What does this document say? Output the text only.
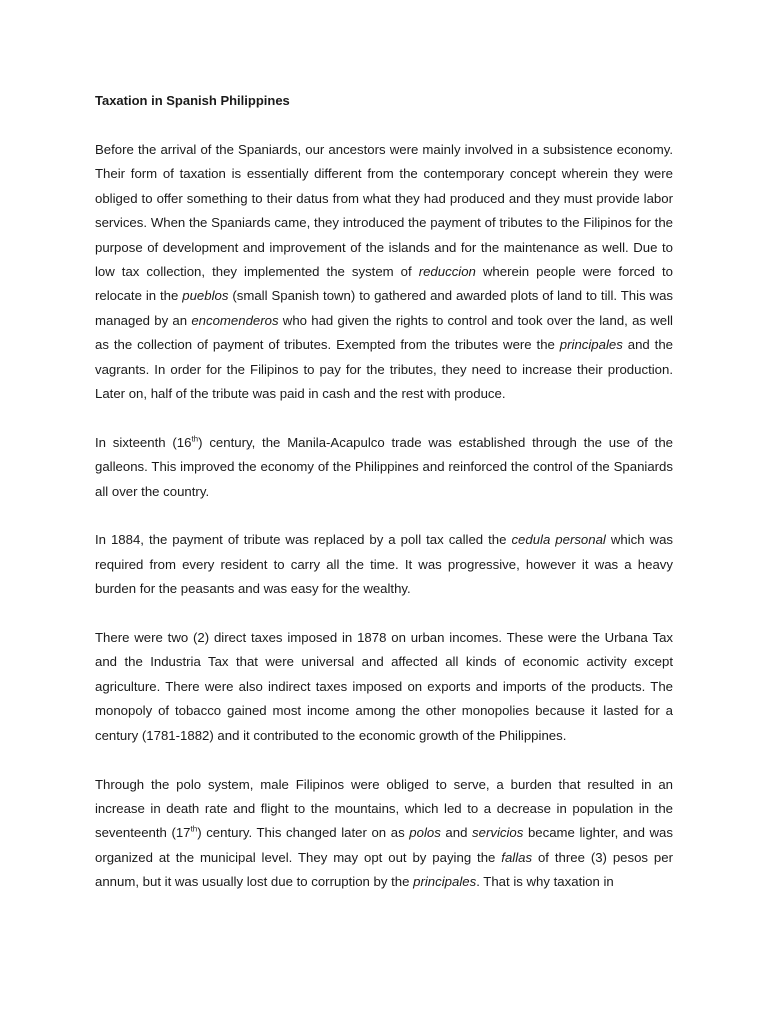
Taxation in Spanish Philippines

Before the arrival of the Spaniards, our ancestors were mainly involved in a subsistence economy. Their form of taxation is essentially different from the contemporary concept wherein they were obliged to offer something to their datus from what they had produced and they must provide labor services. When the Spaniards came, they introduced the payment of tributes to the Filipinos for the purpose of development and improvement of the islands and for the maintenance as well. Due to low tax collection, they implemented the system of reduccion wherein people were forced to relocate in the pueblos (small Spanish town) to gathered and awarded plots of land to till. This was managed by an encomenderos who had given the rights to control and took over the land, as well as the collection of payment of tributes. Exempted from the tributes were the principales and the vagrants. In order for the Filipinos to pay for the tributes, they need to increase their production. Later on, half of the tribute was paid in cash and the rest with produce.

In sixteenth (16th) century, the Manila-Acapulco trade was established through the use of the galleons. This improved the economy of the Philippines and reinforced the control of the Spaniards all over the country.

In 1884, the payment of tribute was replaced by a poll tax called the cedula personal which was required from every resident to carry all the time. It was progressive, however it was a heavy burden for the peasants and was easy for the wealthy.

There were two (2) direct taxes imposed in 1878 on urban incomes. These were the Urbana Tax and the Industria Tax that were universal and affected all kinds of economic activity except agriculture. There were also indirect taxes imposed on exports and imports of the products. The monopoly of tobacco gained most income among the other monopolies because it lasted for a century (1781-1882) and it contributed to the economic growth of the Philippines.

Through the polo system, male Filipinos were obliged to serve, a burden that resulted in an increase in death rate and flight to the mountains, which led to a decrease in population in the seventeenth (17th) century. This changed later on as polos and servicios became lighter, and was organized at the municipal level. They may opt out by paying the fallas of three (3) pesos per annum, but it was usually lost due to corruption by the principales. That is why taxation in
